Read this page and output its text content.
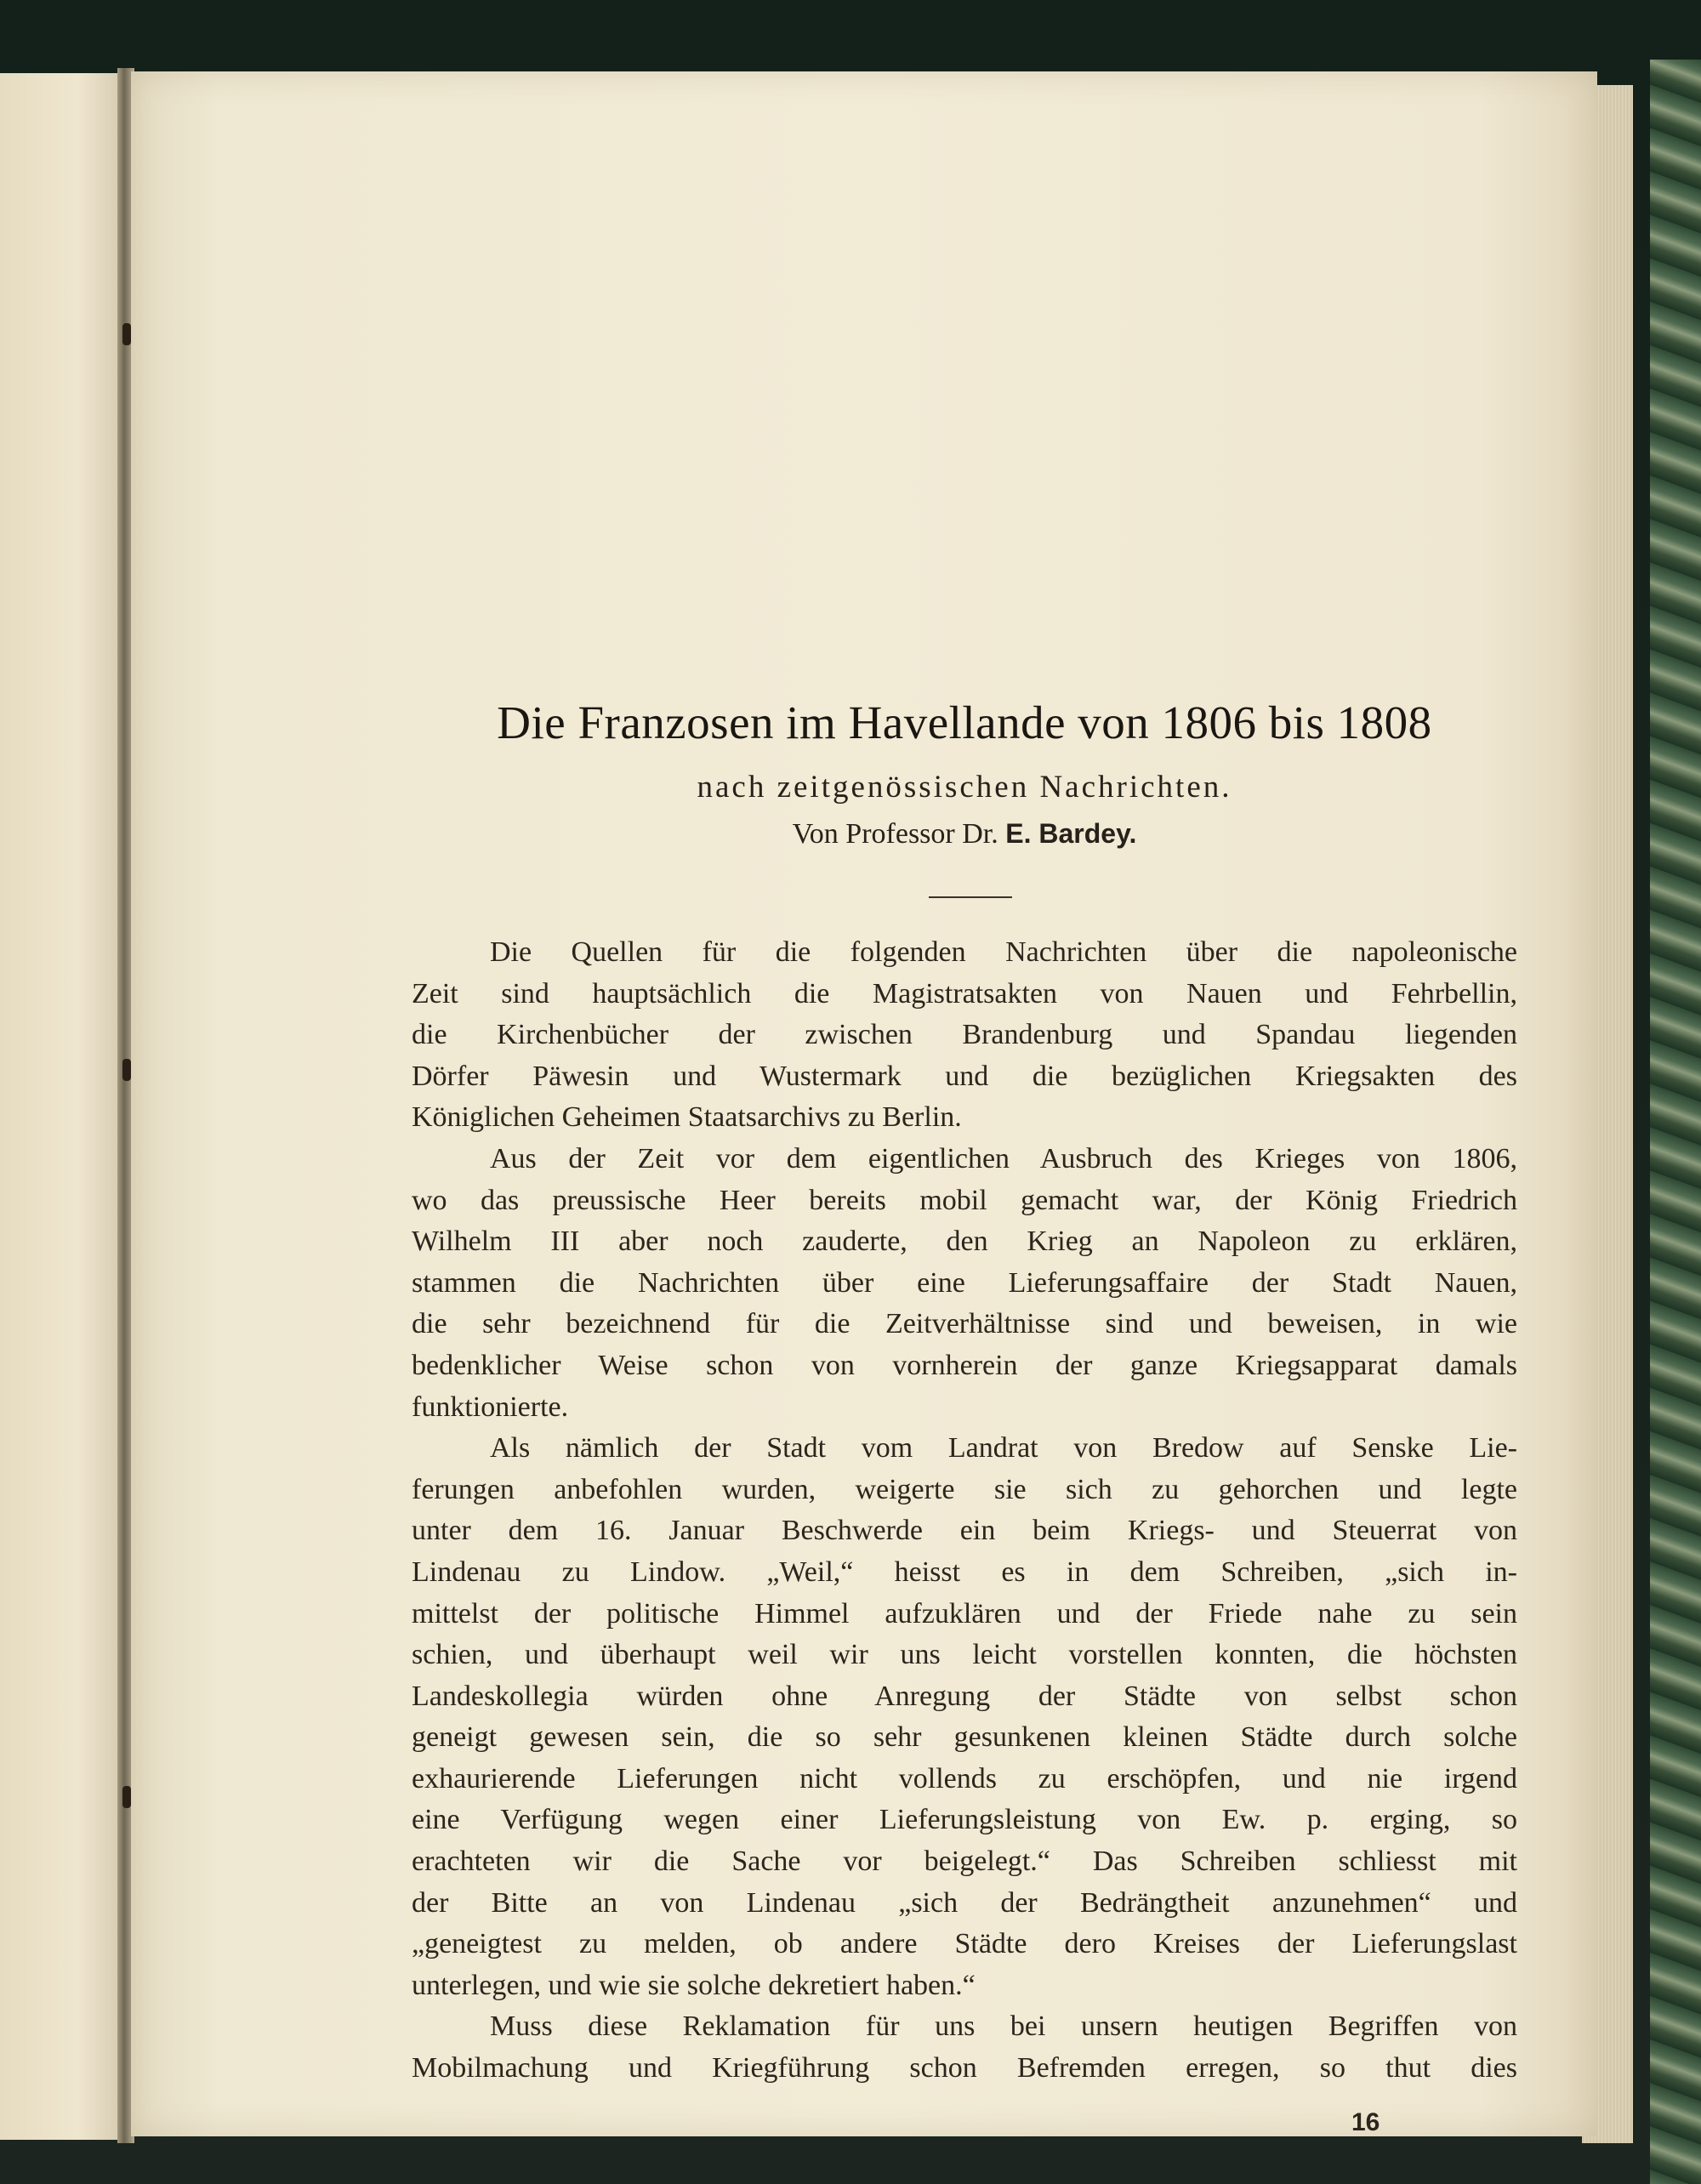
Die Franzosen im Havellande von 1806 bis 1808
nach zeitgenössischen Nachrichten.
Von Professor Dr. E. Bardey.
Die Quellen für die folgenden Nachrichten über die napoleonische
Zeit sind hauptsächlich die Magistratsakten von Nauen und Fehrbellin,
die Kirchenbücher der zwischen Brandenburg und Spandau liegenden
Dörfer Päwesin und Wustermark und die bezüglichen Kriegsakten des
Königlichen Geheimen Staatsarchivs zu Berlin.
Aus der Zeit vor dem eigentlichen Ausbruch des Krieges von 1806,
wo das preussische Heer bereits mobil gemacht war, der König Friedrich
Wilhelm III aber noch zauderte, den Krieg an Napoleon zu erklären,
stammen die Nachrichten über eine Lieferungsaffaire der Stadt Nauen,
die sehr bezeichnend für die Zeitverhältnisse sind und beweisen, in wie
bedenklicher Weise schon von vornherein der ganze Kriegsapparat damals
funktionierte.
Als nämlich der Stadt vom Landrat von Bredow auf Senske Lie-
ferungen anbefohlen wurden, weigerte sie sich zu gehorchen und legte
unter dem 16. Januar Beschwerde ein beim Kriegs- und Steuerrat von
Lindenau zu Lindow. „Weil,“ heisst es in dem Schreiben, „sich in-
mittelst der politische Himmel aufzuklären und der Friede nahe zu sein
schien, und überhaupt weil wir uns leicht vorstellen konnten, die höchsten
Landeskollegia würden ohne Anregung der Städte von selbst schon
geneigt gewesen sein, die so sehr gesunkenen kleinen Städte durch solche
exhaurierende Lieferungen nicht vollends zu erschöpfen, und nie irgend
eine Verfügung wegen einer Lieferungsleistung von Ew. p. erging, so
erachteten wir die Sache vor beigelegt.“ Das Schreiben schliesst mit
der Bitte an von Lindenau „sich der Bedrängtheit anzunehmen“ und
„geneigtest zu melden, ob andere Städte dero Kreises der Lieferungslast
unterlegen, und wie sie solche dekretiert haben.“
Muss diese Reklamation für uns bei unsern heutigen Begriffen von
Mobilmachung und Kriegführung schon Befremden erregen, so thut dies
16
